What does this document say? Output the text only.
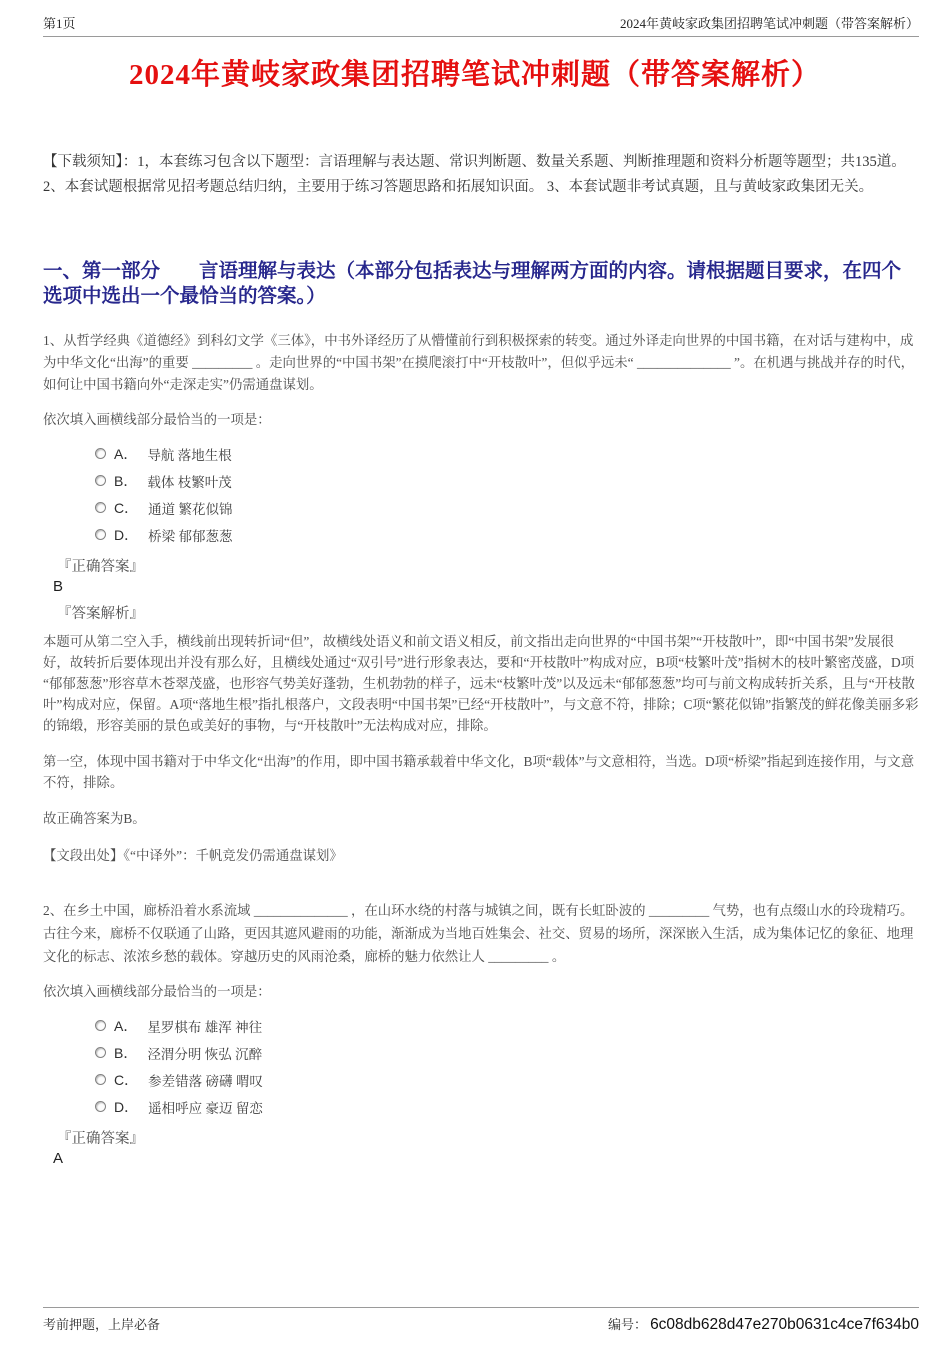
第1页	2024年黄岐家政集团招聘笔试冲刺题（带答案解析）
2024年黄岐家政集团招聘笔试冲刺题（带答案解析）

【下载须知】：1，本套练习包含以下题型：言语理解与表达题、常识判断题、数量关系题、判断推理题和资料分析题等题型；共135道。2、本套试题根据常见招考题总结归纳，主要用于练习答题思路和拓展知识面。 3、本套试题非考试真题，且与黄岐家政集团无关。

一、第一部分　　言语理解与表达（本部分包括表达与理解两方面的内容。请根据题目要求，在四个选项中选出一个最恰当的答案。）

1、从哲学经典《道德经》到科幻文学《三体》，中书外译经历了从懵懂前行到积极探索的转变。通过外译走向世界的中国书籍，在对话与建构中，成为中华文化“出海”的重要 _________ 。走向世界的“中国书架”在摸爬滚打中“开枝散叶”，但似乎远未“ ______________ ”。在机遇与挑战并存的时代，如何让中国书籍向外“走深走实”仍需通盘谋划。

依次填入画横线部分最恰当的一项是：

A． 导航 落地生根
B． 载体 枝繁叶茂
C． 通道 繁花似锦
D． 桥梁 郁郁葱葱

『正确答案』

B

『答案解析』

本题可从第二空入手，横线前出现转折词“但”，故横线处语义和前文语义相反，前文指出走向世界的“中国书架”“开枝散叶”，即“中国书架”发展很好，故转折后要体现出并没有那么好，且横线处通过“双引号”进行形象表达，要和“开枝散叶”构成对应，B项“枝繁叶茂”指树木的枝叶繁密茂盛，D项“郁郁葱葱”形容草木苍翠茂盛，也形容气势美好蓬勃，生机勃勃的样子，远未“枝繁叶茂”以及远未“郁郁葱葱”均可与前文构成转折关系，且与“开枝散叶”构成对应，保留。A项“落地生根”指扎根落户，文段表明“中国书架”已经“开枝散叶”，与文意不符，排除；C项“繁花似锦”指繁茂的鲜花像美丽多彩的锦缎，形容美丽的景色或美好的事物，与“开枝散叶”无法构成对应，排除。

第一空，体现中国书籍对于中华文化“出海”的作用，即中国书籍承载着中华文化，B项“载体”与文意相符，当选。D项“桥梁”指起到连接作用，与文意不符，排除。

故正确答案为B。

【文段出处】《“中译外”：千帆竞发仍需通盘谋划》

2、在乡土中国，廊桥沿着水系流域 ______________ ，在山环水绕的村落与城镇之间，既有长虹卧波的 _________ 气势，也有点缀山水的玲珑精巧。古往今来，廊桥不仅联通了山路，更因其遮风避雨的功能，渐渐成为当地百姓集会、社交、贸易的场所，深深嵌入生活，成为集体记忆的象征、地理文化的标志、浓浓乡愁的载体。穿越历史的风雨沧桑，廊桥的魅力依然让人 _________ 。

依次填入画横线部分最恰当的一项是：

A． 星罗棋布 雄浑 神往
B． 泾渭分明 恢弘 沉醉
C． 参差错落 磅礴 喟叹
D． 遥相呼应 豪迈 留恋

『正确答案』

A

考前押题，上岸必备	编号： 6c08db628d47e270b0631c4ce7f634b0
